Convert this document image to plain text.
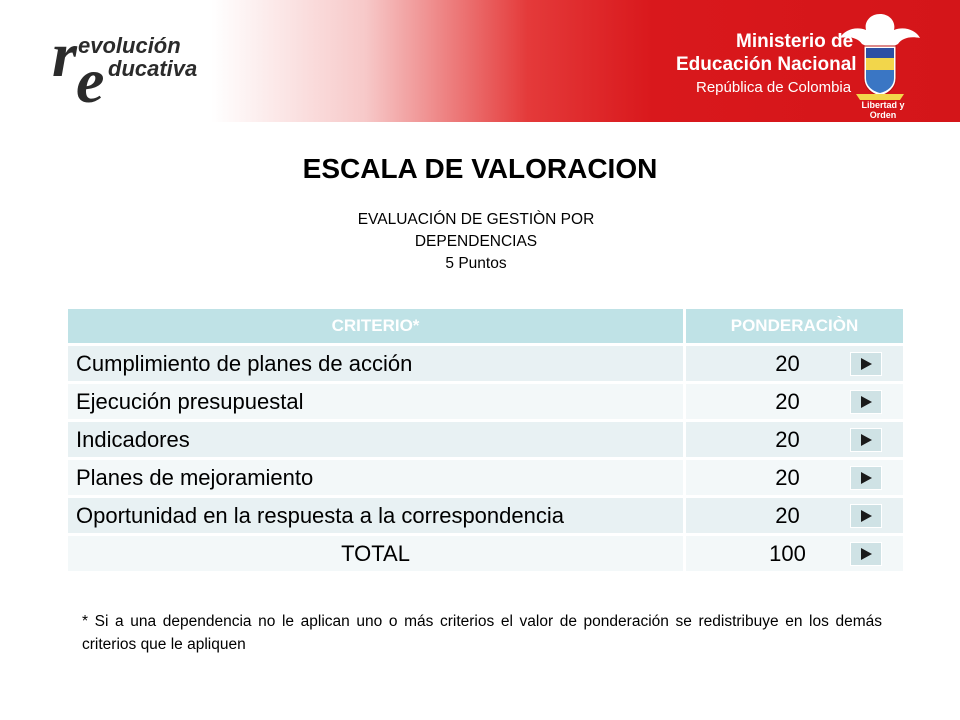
r evolución
e ducativa
Ministerio de
Educación Nacional
República de Colombia
Libertad y Orden
ESCALA DE VALORACION
EVALUACIÓN DE GESTIÒN POR
DEPENDENCIAS
5 Puntos
CRITERIO*	PONDERACIÒN
Cumplimiento de planes de acción	20

Ejecución presupuestal	20

Indicadores	20

Planes de mejoramiento	20

Oportunidad en la respuesta a la correspondencia	20

TOTAL	100
* Si a una dependencia no le aplican uno o más criterios el valor de ponderación se redistribuye en los demás criterios que le apliquen
